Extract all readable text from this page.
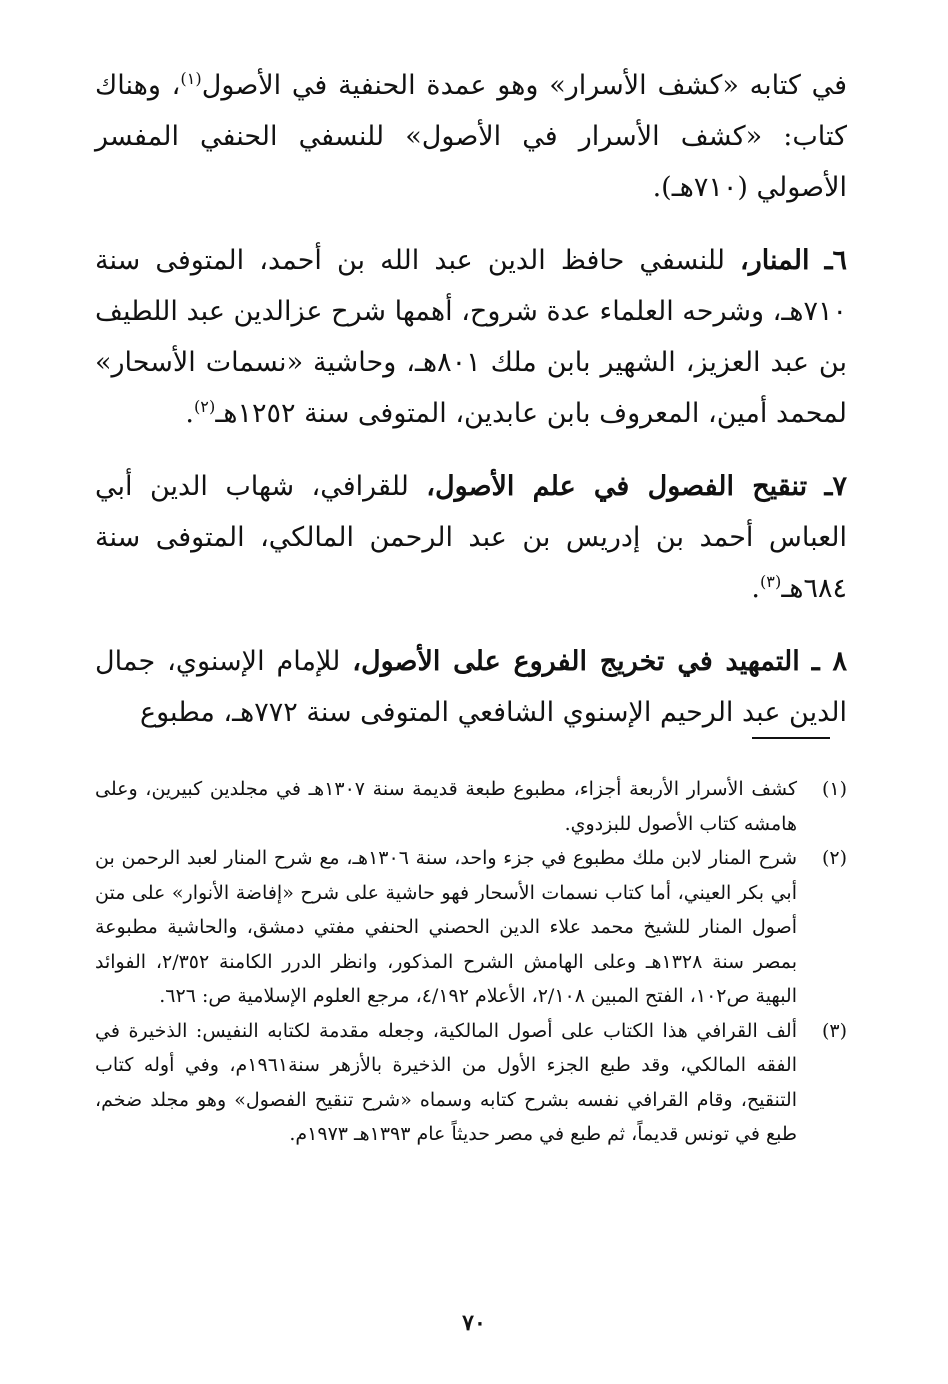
في كتابه «كشف الأسرار» وهو عمدة الحنفية في الأصول$^{(١)}$، وهناك كتاب: «كشف الأسرار في الأصول» للنسفي الحنفي المفسر الأصولي (٧١٠هـ).

٦ـ المنار، للنسفي حافظ الدين عبد الله بن أحمد، المتوفى سنة ٧١٠هـ، وشرحه العلماء عدة شروح، أهمها شرح عزالدين عبد اللطيف بن عبد العزيز، الشهير بابن ملك ٨٠١هـ، وحاشية «نسمات الأسحار» لمحمد أمين، المعروف بابن عابدين، المتوفى سنة ١٢٥٢هـ$^{(٢)}$.

٧ـ تنقيح الفصول في علم الأصول، للقرافي، شهاب الدين أبي العباس أحمد بن إدريس بن عبد الرحمن المالكي، المتوفى سنة ٦٨٤هـ$^{(٣)}$.

٨ ـ التمهيد في تخريج الفروع على الأصول، للإمام الإسنوي، جمال الدين عبد الرحيم الإسنوي الشافعي المتوفى سنة ٧٧٢هـ، مطبوع

(١)
كشف الأسرار الأربعة أجزاء، مطبوع طبعة قديمة سنة ١٣٠٧هـ في مجلدين كبيرين، وعلى هامشه كتاب الأصول للبزدوي.
(٢)
شرح المنار لابن ملك مطبوع في جزء واحد، سنة ١٣٠٦هـ، مع شرح المنار لعبد الرحمن بن أبي بكر العيني، أما كتاب نسمات الأسحار فهو حاشية على شرح «إفاضة الأنوار» على متن أصول المنار للشيخ محمد علاء الدين الحصني الحنفي مفتي دمشق، والحاشية مطبوعة بمصر سنة ١٣٢٨هـ وعلى الهامش الشرح المذكور، وانظر الدرر الكامنة ٢/٣٥٢، الفوائد البهية ص١٠٢، الفتح المبين ٢/١٠٨، الأعلام ٤/١٩٢، مرجع العلوم الإسلامية ص: ٦٢٦.
(٣)
ألف القرافي هذا الكتاب على أصول المالكية، وجعله مقدمة لكتابه النفيس: الذخيرة في الفقه المالكي، وقد طبع الجزء الأول من الذخيرة بالأزهر سنة١٩٦١م، وفي أوله كتاب التنقيح، وقام القرافي نفسه بشرح كتابه وسماه «شرح تنقيح الفصول» وهو مجلد ضخم، طبع في تونس قديماً، ثم طبع في مصر حديثاً عام ١٣٩٣هـ ١٩٧٣م.
٧٠
